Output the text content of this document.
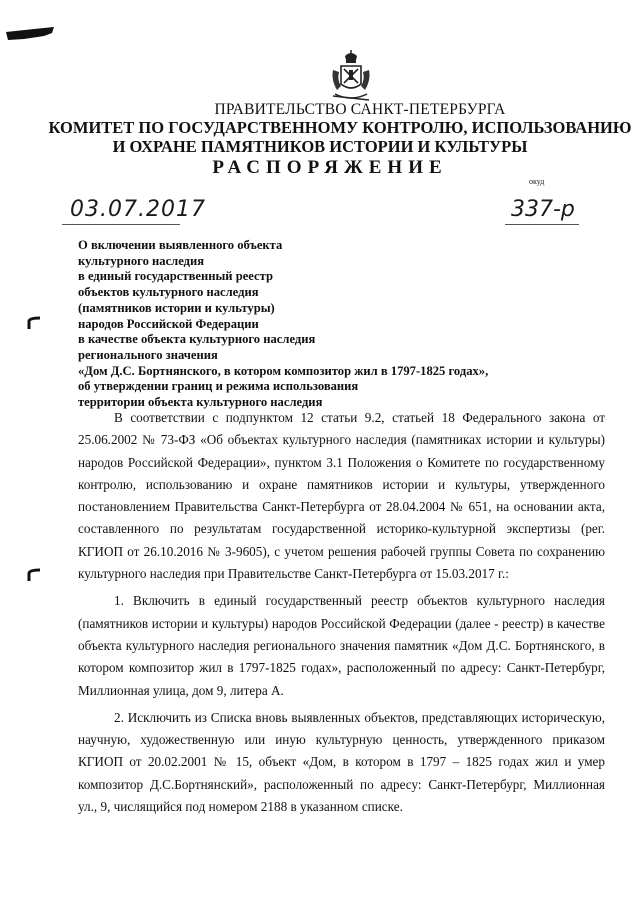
ПРАВИТЕЛЬСТВО САНКТ-ПЕТЕРБУРГА
КОМИТЕТ ПО ГОСУДАРСТВЕННОМУ КОНТРОЛЮ, ИСПОЛЬЗОВАНИЮ
И ОХРАНЕ ПАМЯТНИКОВ ИСТОРИИ И КУЛЬТУРЫ
РАСПОРЯЖЕНИЕ
окуд
03.07.2017	337-р
О включении выявленного объекта
культурного наследия
в единый государственный реестр
объектов культурного наследия
(памятников истории и культуры)
народов Российской Федерации
в качестве объекта культурного наследия
регионального значения
«Дом Д.С. Бортнянского, в котором композитор жил в 1797-1825 годах»,
об утверждении границ и режима использования
территории объекта культурного наследия

В соответствии с подпунктом 12 статьи 9.2, статьей 18 Федерального закона от 25.06.2002 № 73-ФЗ «Об объектах культурного наследия (памятниках истории и культуры) народов Российской Федерации», пунктом 3.1 Положения о Комитете по государственному контролю, использованию и охране памятников истории и культуры, утвержденного постановлением Правительства Санкт-Петербурга от 28.04.2004 № 651, на основании акта, составленного по результатам государственной историко-культурной экспертизы (рег. КГИОП от 26.10.2016 № 3-9605), с учетом решения рабочей группы Совета по сохранению культурного наследия при Правительстве Санкт-Петербурга от 15.03.2017 г.:

1. Включить в единый государственный реестр объектов культурного наследия (памятников истории и культуры) народов Российской Федерации (далее - реестр) в качестве объекта культурного наследия регионального значения памятник «Дом Д.С. Бортнянского, в котором композитор жил в 1797-1825 годах», расположенный по адресу: Санкт-Петербург, Миллионная улица, дом 9, литера А.

2. Исключить из Списка вновь выявленных объектов, представляющих историческую, научную, художественную или иную культурную ценность, утвержденного приказом КГИОП от 20.02.2001 № 15, объект «Дом, в котором в 1797 – 1825 годах жил и умер композитор Д.С.Бортнянский», расположенный по адресу: Санкт-Петербург, Миллионная ул., 9, числящийся под номером 2188 в указанном списке.
